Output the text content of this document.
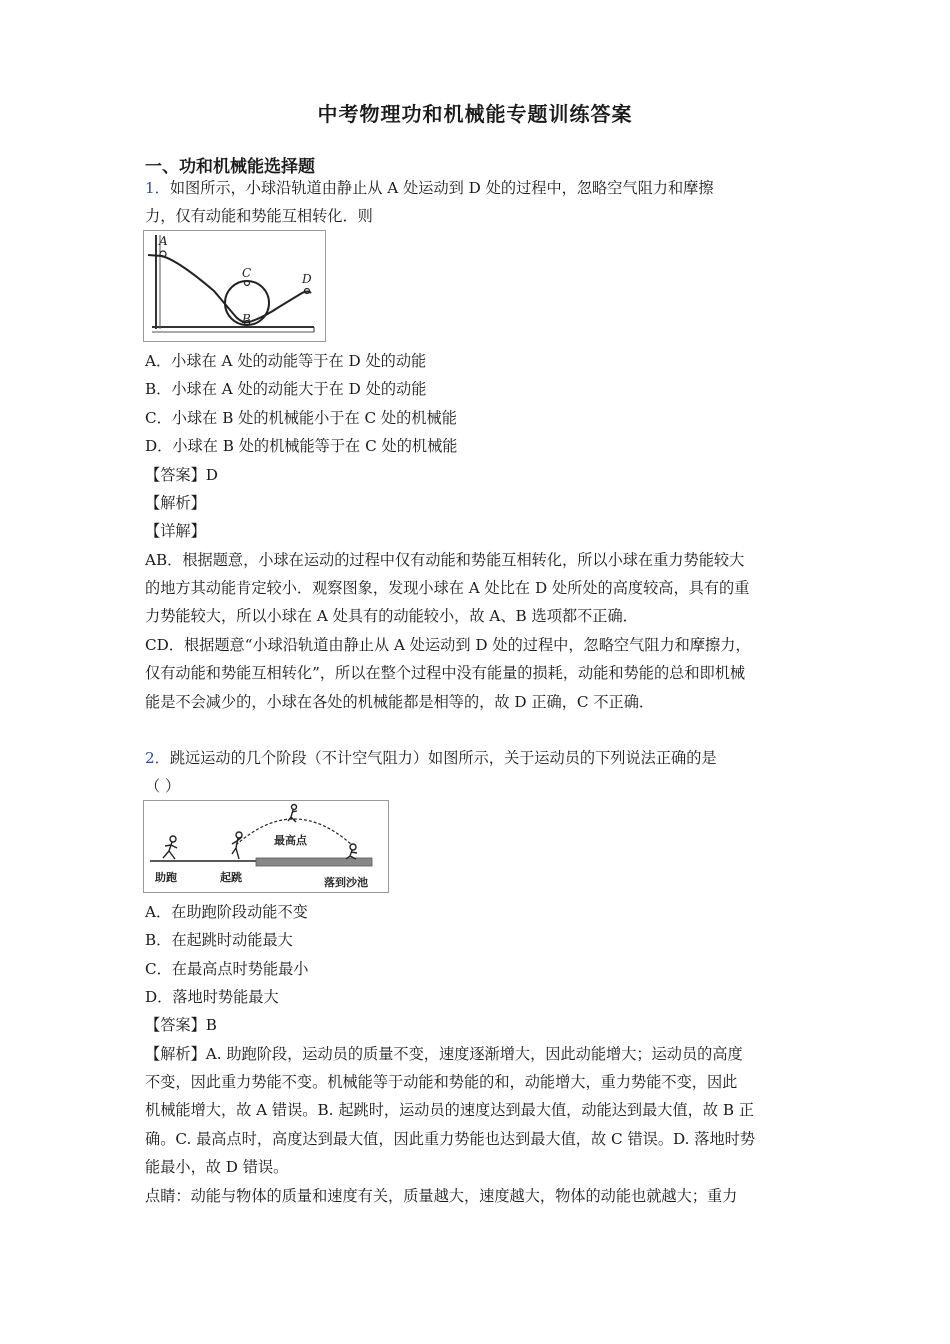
中考物理功和机械能专题训练答案
一、功和机械能选择题
1．如图所示，小球沿轨道由静止从 A 处运动到 D 处的过程中，忽略空气阻力和摩擦
力，仅有动能和势能互相转化．则
A
C
B
D
A．小球在 A 处的动能等于在 D 处的动能
B．小球在 A 处的动能大于在 D 处的动能
C．小球在 B 处的机械能小于在 C 处的机械能
D．小球在 B 处的机械能等于在 C 处的机械能
【答案】D
【解析】
【详解】
AB．根据题意，小球在运动的过程中仅有动能和势能互相转化，所以小球在重力势能较大
的地方其动能肯定较小．观察图象，发现小球在 A 处比在 D 处所处的高度较高，具有的重
力势能较大，所以小球在 A 处具有的动能较小，故 A、B 选项都不正确．
CD．根据题意“小球沿轨道由静止从 A 处运动到 D 处的过程中，忽略空气阻力和摩擦力，
仅有动能和势能互相转化”，所以在整个过程中没有能量的损耗，动能和势能的总和即机械
能是不会减少的，小球在各处的机械能都是相等的，故 D 正确，C 不正确．
2．跳远运动的几个阶段（不计空气阻力）如图所示，关于运动员的下列说法正确的是
（ ）
助跑	起跳
最高点
落到沙池
A．在助跑阶段动能不变
B．在起跳时动能最大
C．在最高点时势能最小
D．落地时势能最大
【答案】B
【解析】A. 助跑阶段，运动员的质量不变，速度逐渐增大，因此动能增大；运动员的高度
不变，因此重力势能不变。机械能等于动能和势能的和，动能增大，重力势能不变，因此
机械能增大，故 A 错误。B. 起跳时，运动员的速度达到最大值，动能达到最大值，故 B 正
确。C. 最高点时，高度达到最大值，因此重力势能也达到最大值，故 C 错误。D. 落地时势
能最小，故 D 错误。
点睛：动能与物体的质量和速度有关，质量越大，速度越大，物体的动能也就越大；重力
